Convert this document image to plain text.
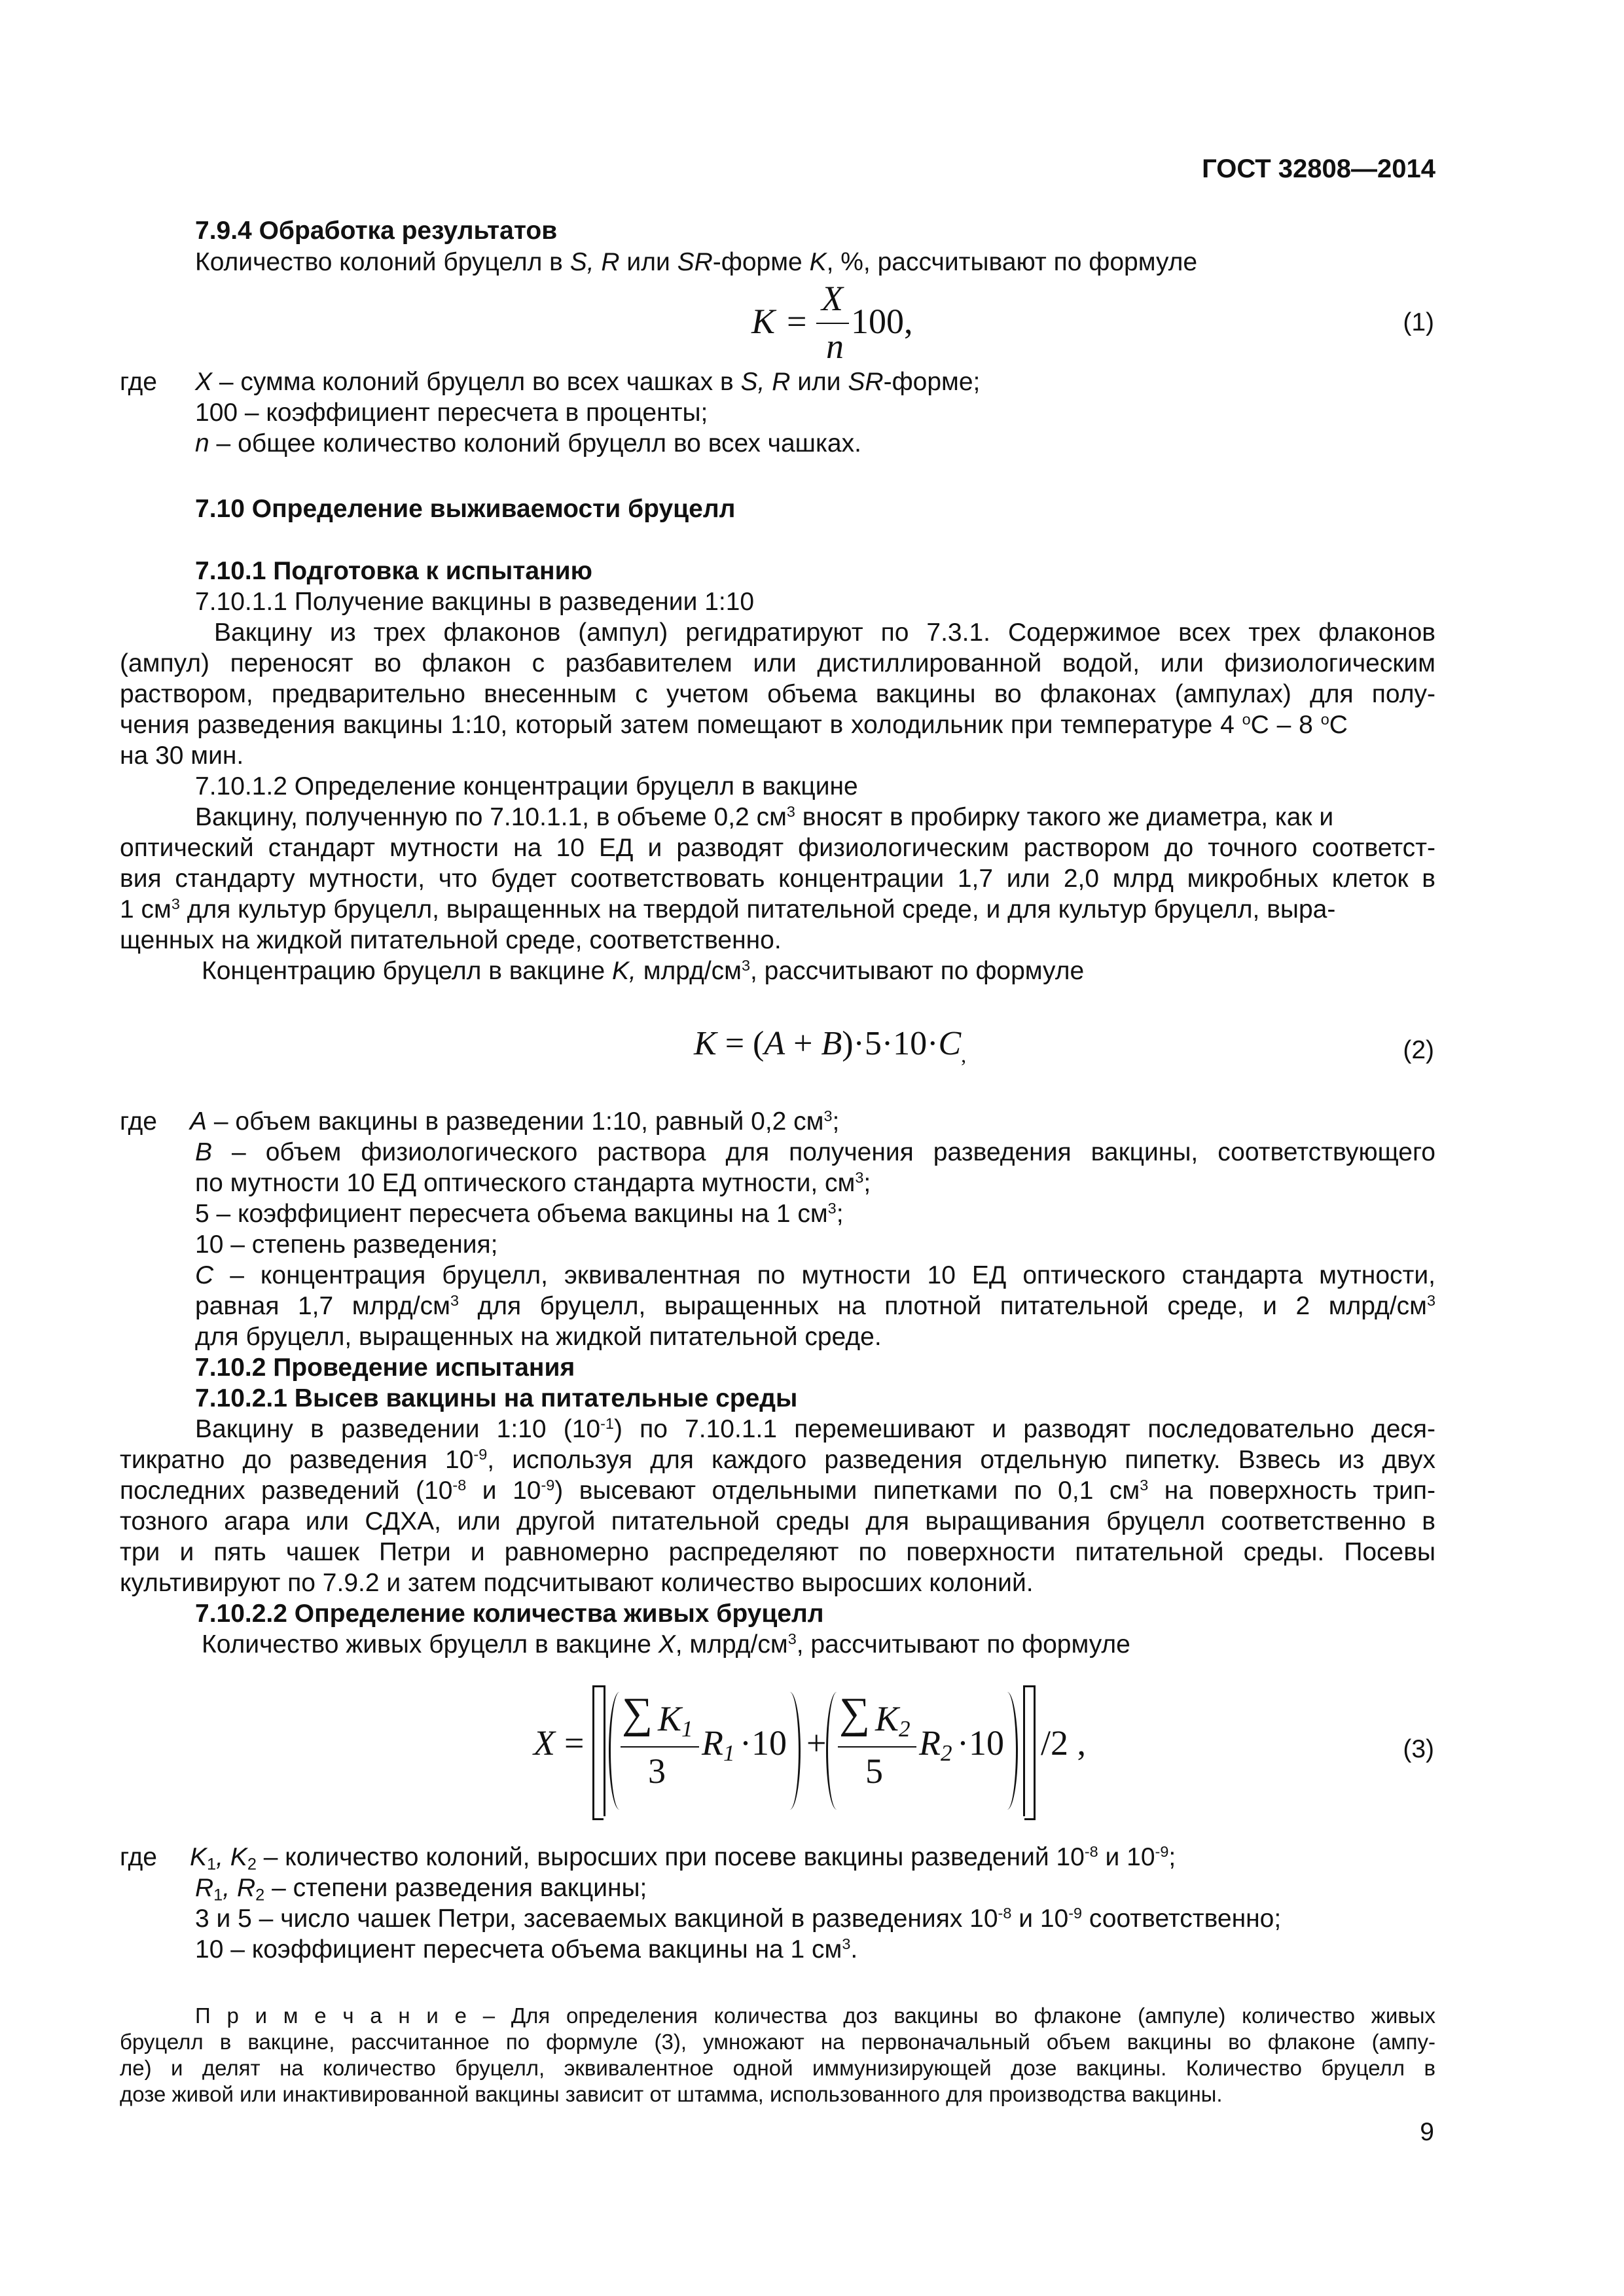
ГОСТ 32808—2014
7.9.4 Обработка результатов
Количество колоний бруцелл в S, R или SR-форме K, %, рассчитывают по формуле
K =
X
n
100,	(1)
где X – сумма колоний бруцелл во всех чашках в S, R или SR-форме;
100 – коэффициент пересчета в проценты;
n – общее количество колоний бруцелл во всех чашках.
7.10 Определение выживаемости бруцелл
7.10.1 Подготовка к испытанию
7.10.1.1 Получение вакцины в разведении 1:10
Вакцину из трех флаконов (ампул) регидратируют по 7.3.1. Содержимое всех трех флаконов
(ампул) переносят во флакон с разбавителем или дистиллированной водой, или физиологическим
раствором, предварительно внесенным с учетом объема вакцины во флаконах (ампулах) для полу-
чения разведения вакцины 1:10, который затем помещают в холодильник при температуре 4 $^o$С – 8 $^o$С
на 30 мин.
7.10.1.2 Определение концентрации бруцелл в вакцине
Вакцину, полученную по 7.10.1.1, в объеме 0,2 $см^3$ вносят в пробирку такого же диаметра, как и
оптический стандарт мутности на 10 ЕД и разводят физиологическим раствором до точного соответст-
вия стандарту мутности, что будет соответствовать концентрации 1,7 или 2,0 млрд микробных клеток в
1 $см^3$ для культур бруцелл, выращенных на твердой питательной среде, и для культур бруцелл, выра-
щенных на жидкой питательной среде, соответственно.
Концентрацию бруцелл в вакцине K, млрд/$см^3$, рассчитывают по формуле
$K = (A + B)\cdot 5\cdot 10\cdot C_,$	(2)
где А – объем вакцины в разведении 1:10, равный 0,2 $см^3$;
В – объем физиологического раствора для получения разведения вакцины, соответствующего
по мутности 10 ЕД оптического стандарта мутности, $см^3$;
5 – коэффициент пересчета объема вакцины на 1 $см^3$;
10 – степень разведения;
С – концентрация бруцелл, эквивалентная по мутности 10 ЕД оптического стандарта мутности,
равная 1,7 млрд/$см^3$ для бруцелл, выращенных на плотной питательной среде, и 2 млрд/$см^3$
для бруцелл, выращенных на жидкой питательной среде.
7.10.2 Проведение испытания
7.10.2.1 Высев вакцины на питательные среды
Вакцину в разведении 1:10 $(10^{-1})$ по 7.10.1.1 перемешивают и разводят последовательно деся-
тикратно до разведения $10^{-9}$, используя для каждого разведения отдельную пипетку. Взвесь из двух
последних разведений ($10^{-8}$ и $10^{-9}$) высевают отдельными пипетками по 0,1 $см^3$ на поверхность трип-
тозного агара или СДХА, или другой питательной среды для выращивания бруцелл соответственно в
три и пять чашек Петри и равномерно распределяют по поверхности питательной среды. Посевы
культивируют по 7.9.2 и затем подсчитывают количество выросших колоний.
7.10.2.2 Определение количества живых бруцелл
Количество живых бруцелл в вакцине X, млрд/$см^3$, рассчитывают по формуле
X =
∑ $K_1$
3
$R_1 \cdot 10$ +
∑ $K_2$
5
$R_2 \cdot 10$ /2 ,	(3)
где $K_1$, $K_2$ – количество колоний, выросших при посеве вакцины разведений $10^{-8}$ и $10^{-9}$;
$R_1$, $R_2$ – степени разведения вакцины;
3 и 5 – число чашек Петри, засеваемых вакциной в разведениях $10^{-8}$ и $10^{-9}$ соответственно;
10 – коэффициент пересчета объема вакцины на 1 $см^3$.
П р и м е ч а н и е – Для определения количества доз вакцины во флаконе (ампуле) количество живых
бруцелл в вакцине, рассчитанное по формуле (3), умножают на первоначальный объем вакцины во флаконе (ампу-
ле) и делят на количество бруцелл, эквивалентное одной иммунизирующей дозе вакцины. Количество бруцелл в
дозе живой или инактивированной вакцины зависит от штамма, использованного для производства вакцины.
9
